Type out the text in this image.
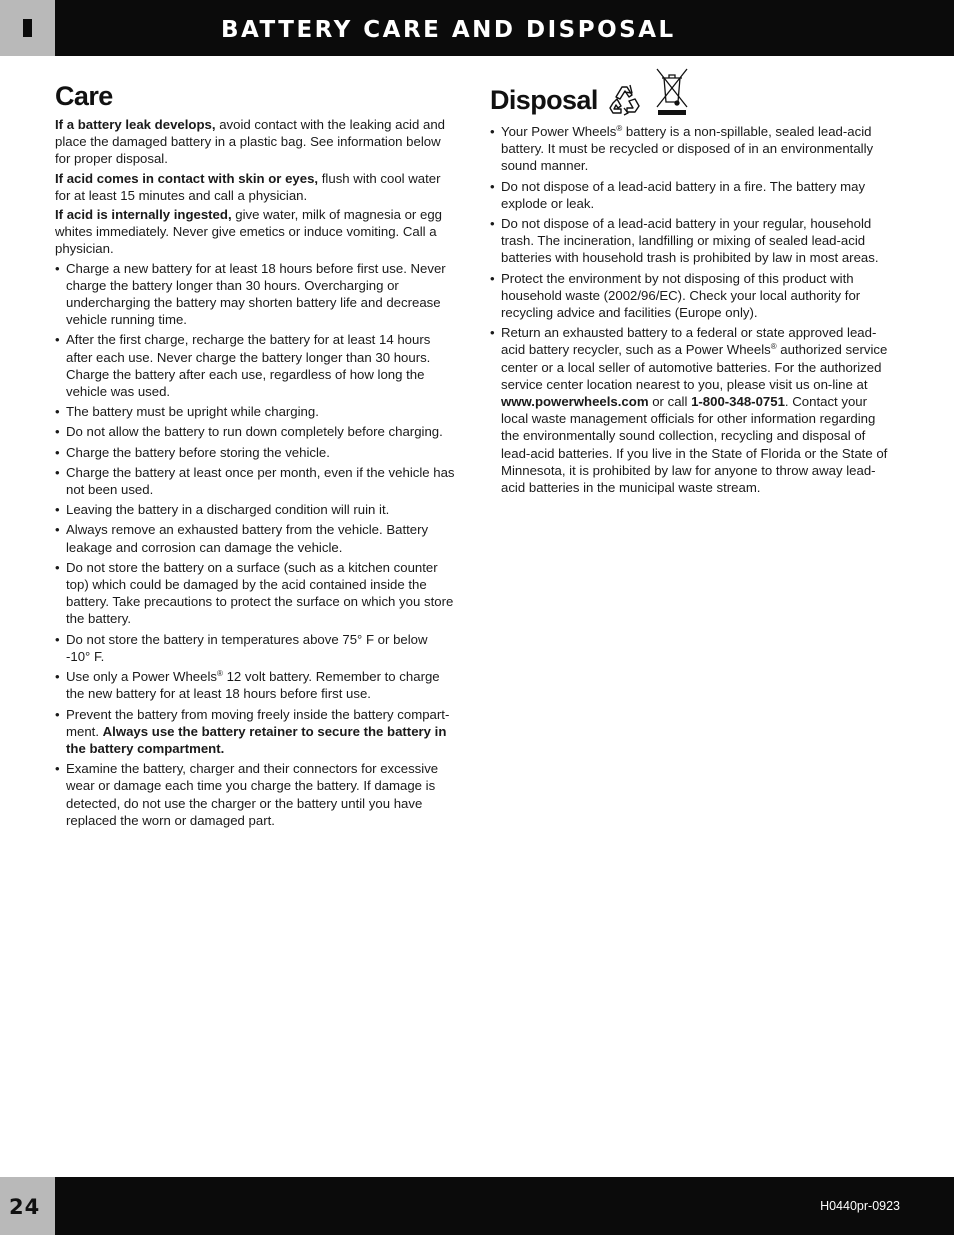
BATTERY CARE AND DISPOSAL
Care

If a battery leak develops, avoid contact with the leaking acid and place the damaged battery in a plastic bag. See information below for proper disposal.

If acid comes in contact with skin or eyes, flush with cool water for at least 15 minutes and call a physician.

If acid is internally ingested, give water, milk of magnesia or egg whites immediately. Never give emetics or induce vomiting. Call a physician.

• Charge a new battery for at least 18 hours before first use. Never charge the battery longer than 30 hours. Overcharging or undercharging the battery may shorten battery life and decrease vehicle running time.
• After the first charge, recharge the battery for at least 14 hours after each use. Never charge the battery longer than 30 hours. Charge the battery after each use, regardless of how long the vehicle was used.
• The battery must be upright while charging.
• Do not allow the battery to run down completely before charging.
• Charge the battery before storing the vehicle.
• Charge the battery at least once per month, even if the vehicle has not been used.
• Leaving the battery in a discharged condition will ruin it.
• Always remove an exhausted battery from the vehicle. Battery leakage and corrosion can damage the vehicle.
• Do not store the battery on a surface (such as a kitchen counter top) which could be damaged by the acid contained inside the battery. Take precautions to protect the surface on which you store the battery.
• Do not store the battery in temperatures above 75° F or below -10° F.
• Use only a Power Wheels® 12 volt battery. Remember to charge the new battery for at least 18 hours before first use.
• Prevent the battery from moving freely inside the battery compart-ment. Always use the battery retainer to secure the battery in the battery compartment.
• Examine the battery, charger and their connectors for excessive wear or damage each time you charge the battery. If damage is detected, do not use the charger or the battery until you have replaced the worn or damaged part.
Disposal
• Your Power Wheels® battery is a non-spillable, sealed lead-acid battery. It must be recycled or disposed of in an environmentally sound manner.
• Do not dispose of a lead-acid battery in a fire. The battery may explode or leak.
• Do not dispose of a lead-acid battery in your regular, household trash. The incineration, landfilling or mixing of sealed lead-acid batteries with household trash is prohibited by law in most areas.
• Protect the environment by not disposing of this product with household waste (2002/96/EC). Check your local authority for recycling advice and facilities (Europe only).
• Return an exhausted battery to a federal or state approved lead-acid battery recycler, such as a Power Wheels® authorized service center or a local seller of automotive batteries. For the authorized service center location nearest to you, please visit us on-line at www.powerwheels.com or call 1-800-348-0751. Contact your local waste management officials for other information regarding the environmentally sound collection, recycling and disposal of lead-acid batteries. If you live in the State of Florida or the State of Minnesota, it is prohibited by law for anyone to throw away lead-acid batteries in the municipal waste stream.
24	H0440pr-0923
